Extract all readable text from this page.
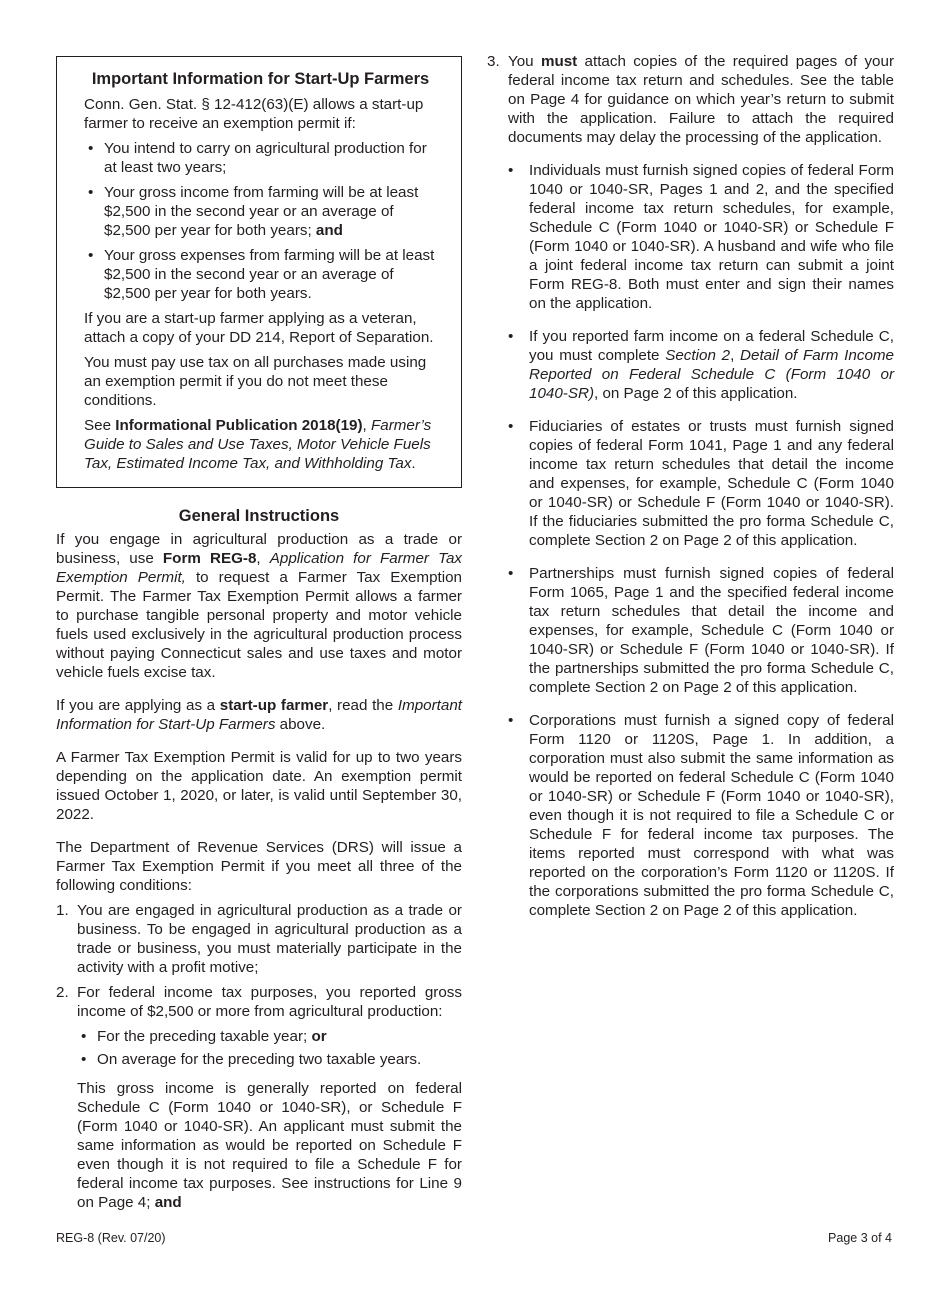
Important Information for Start-Up Farmers

Conn. Gen. Stat. § 12-412(63)(E) allows a start-up farmer to receive an exemption permit if:

• You intend to carry on agricultural production for at least two years;
• Your gross income from farming will be at least $2,500 in the second year or an average of $2,500 per year for both years; and
• Your gross expenses from farming will be at least $2,500 in the second year or an average of $2,500 per year for both years.

If you are a start-up farmer applying as a veteran, attach a copy of your DD 214, Report of Separation.

You must pay use tax on all purchases made using an exemption permit if you do not meet these conditions.

See Informational Publication 2018(19), Farmer’s Guide to Sales and Use Taxes, Motor Vehicle Fuels Tax, Estimated Income Tax, and Withholding Tax.

General Instructions

If you engage in agricultural production as a trade or business, use Form REG-8, Application for Farmer Tax Exemption Permit, to request a Farmer Tax Exemption Permit. The Farmer Tax Exemption Permit allows a farmer to purchase tangible personal property and motor vehicle fuels used exclusively in the agricultural production process without paying Connecticut sales and use taxes and motor vehicle fuels excise tax.

If you are applying as a start-up farmer, read the Important Information for Start-Up Farmers above.

A Farmer Tax Exemption Permit is valid for up to two years depending on the application date. An exemption permit issued October 1, 2020, or later, is valid until September 30, 2022.

The Department of Revenue Services (DRS) will issue a Farmer Tax Exemption Permit if you meet all three of the following conditions:

1. You are engaged in agricultural production as a trade or business. To be engaged in agricultural production as a trade or business, you must materially participate in the activity with a profit motive;
2. For federal income tax purposes, you reported gross income of $2,500 or more from agricultural production:
• For the preceding taxable year; or
• On average for the preceding two taxable years.

This gross income is generally reported on federal Schedule C (Form 1040 or 1040-SR), or Schedule F (Form 1040 or 1040-SR). An applicant must submit the same information as would be reported on Schedule F even though it is not required to file a Schedule F for federal income tax purposes. See instructions for Line 9 on Page 4; and

3. You must attach copies of the required pages of your federal income tax return and schedules. See the table on Page 4 for guidance on which year’s return to submit with the application. Failure to attach the required documents may delay the processing of the application.
• Individuals must furnish signed copies of federal Form 1040 or 1040-SR, Pages 1 and 2, and the specified federal income tax return schedules, for example, Schedule C (Form 1040 or 1040-SR) or Schedule F (Form 1040 or 1040-SR). A husband and wife who file a joint federal income tax return can submit a joint Form REG-8. Both must enter and sign their names on the application.
• If you reported farm income on a federal Schedule C, you must complete Section 2, Detail of Farm Income Reported on Federal Schedule C (Form 1040 or 1040-SR), on Page 2 of this application.
• Fiduciaries of estates or trusts must furnish signed copies of federal Form 1041, Page 1 and any federal income tax return schedules that detail the income and expenses, for example, Schedule C (Form 1040 or 1040-SR) or Schedule F (Form 1040 or 1040-SR). If the fiduciaries submitted the pro forma Schedule C, complete Section 2 on Page 2 of this application.
• Partnerships must furnish signed copies of federal Form 1065, Page 1 and the specified federal income tax return schedules that detail the income and expenses, for example, Schedule C (Form 1040 or 1040-SR) or Schedule F (Form 1040 or 1040-SR). If the partnerships submitted the pro forma Schedule C, complete Section 2 on Page 2 of this application.
• Corporations must furnish a signed copy of federal Form 1120 or 1120S, Page 1. In addition, a corporation must also submit the same information as would be reported on federal Schedule C (Form 1040 or 1040-SR) or Schedule F (Form 1040 or 1040-SR), even though it is not required to file a Schedule C or Schedule F for federal income tax purposes. The items reported must correspond with what was reported on the corporation’s Form 1120 or 1120S. If the corporations submitted the pro forma Schedule C, complete Section 2 on Page 2 of this application.
REG-8 (Rev. 07/20)	Page 3 of 4
